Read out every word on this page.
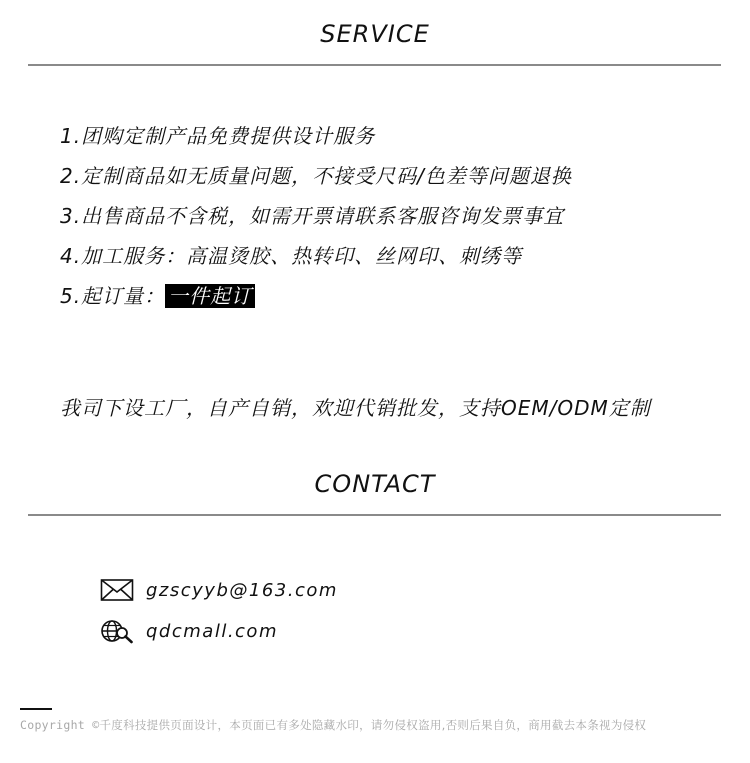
SERVICE
1.团购定制产品免费提供设计服务
2.定制商品如无质量问题，不接受尺码/色差等问题退换
3.出售商品不含税，如需开票请联系客服咨询发票事宜
4.加工服务：高温烫胶、热转印、丝网印、刺绣等
5.起订量： 一件起订
我司下设工厂，自产自销，欢迎代销批发，支持OEM/ODM定制
CONTACT
gzscyyb@163.com
qdcmall.com
Copyright ©千度科技提供页面设计，本页面已有多处隐藏水印，请勿侵权盗用,否则后果自负，商用截去本条视为侵权
